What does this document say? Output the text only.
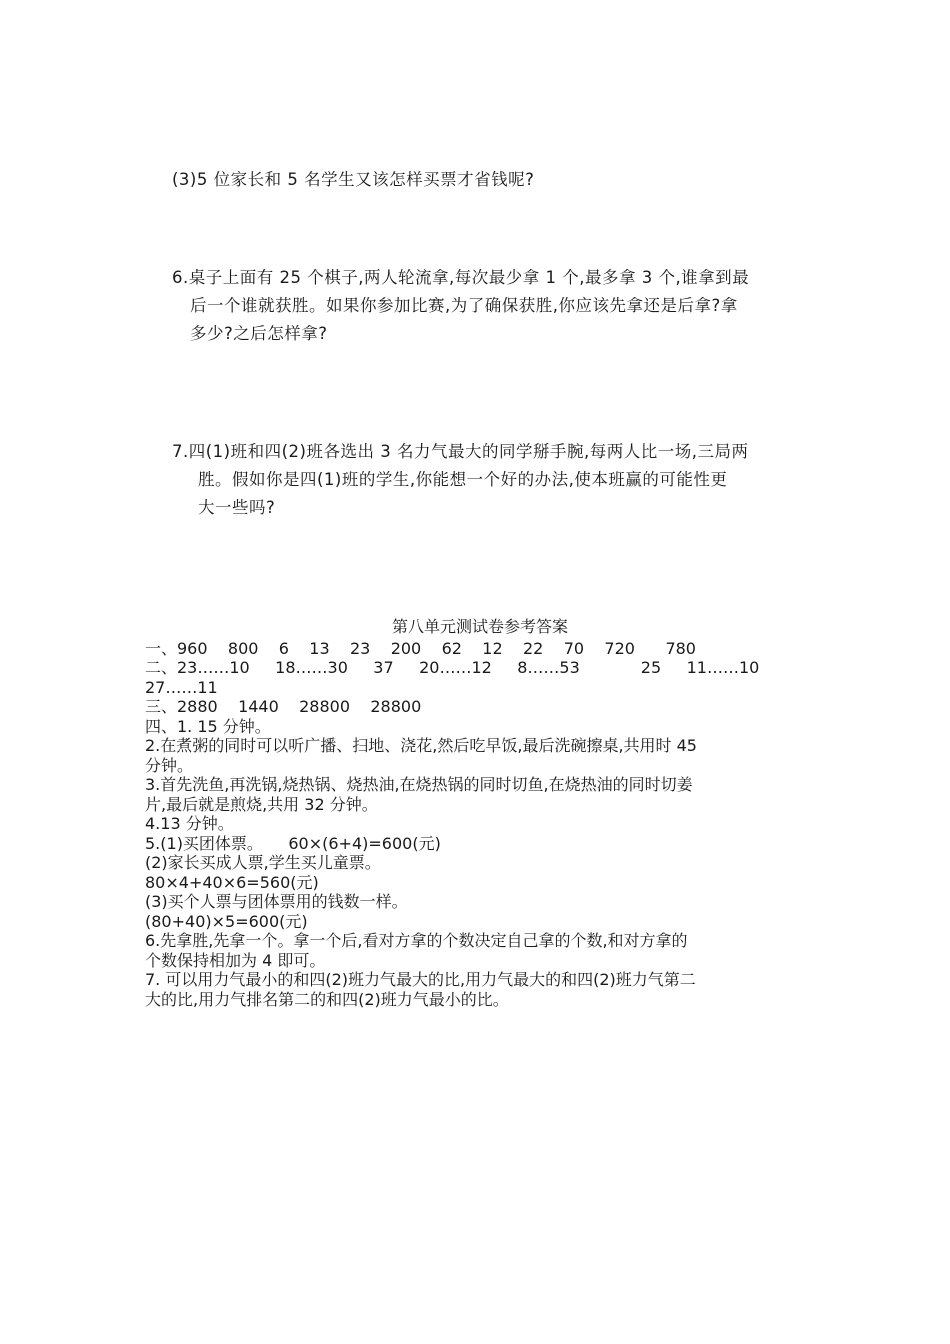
(3)5 位家长和 5 名学生又该怎样买票才省钱呢?

6.桌子上面有 25 个棋子,两人轮流拿,每次最少拿 1 个,最多拿 3 个,谁拿到最

后一个谁就获胜。如果你参加比赛,为了确保获胜,你应该先拿还是后拿?拿

多少?之后怎样拿?

7.四(1)班和四(2)班各选出 3 名力气最大的同学掰手腕,每两人比一场,三局两

胜。假如你是四(1)班的学生,你能想一个好的办法,使本班赢的可能性更

大一些吗?

第八单元测试卷参考答案

一、960    800    6    13    23    200    62    12    22    70    720      780

二、23……10     18……30     37     20……12     8……53            25     11……10

27……11

三、2880    1440    28800    28800

四、1. 15 分钟。

2.在煮粥的同时可以听广播、扫地、浇花,然后吃早饭,最后洗碗擦桌,共用时 45

分钟。

3.首先洗鱼,再洗锅,烧热锅、烧热油,在烧热锅的同时切鱼,在烧热油的同时切姜

片,最后就是煎烧,共用 32 分钟。

4.13 分钟。

5.(1)买团体票。     60×(6+4)=600(元)

(2)家长买成人票,学生买儿童票。

80×4+40×6=560(元)

(3)买个人票与团体票用的钱数一样。

(80+40)×5=600(元)

6.先拿胜,先拿一个。拿一个后,看对方拿的个数决定自己拿的个数,和对方拿的

个数保持相加为 4 即可。

7. 可以用力气最小的和四(2)班力气最大的比,用力气最大的和四(2)班力气第二

大的比,用力气排名第二的和四(2)班力气最小的比。
